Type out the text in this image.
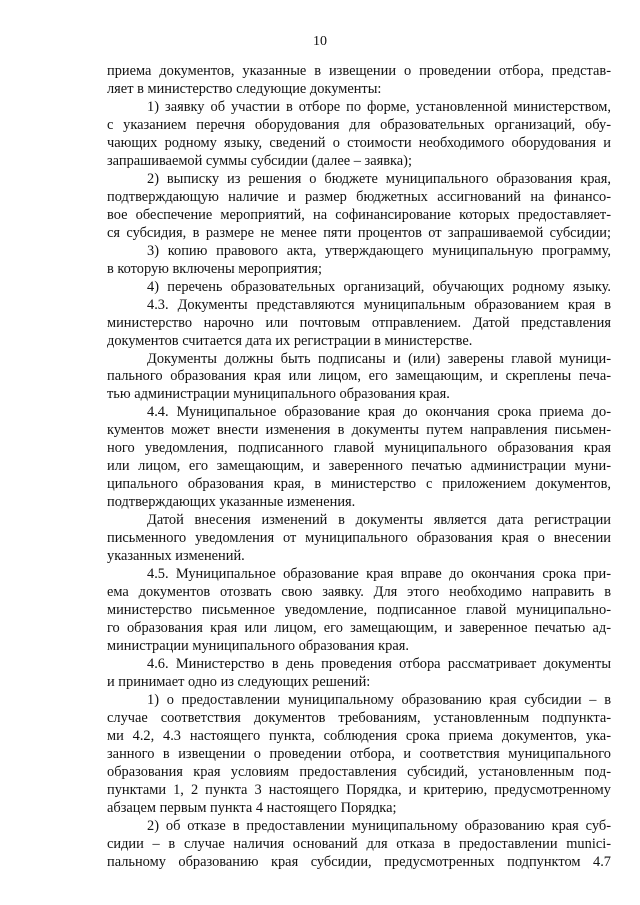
10
приема документов, указанные в извещении о проведении отбора, представ-
ляет в министерство следующие документы:
1) заявку об участии в отборе по форме, установленной министерством,
с указанием перечня оборудования для образовательных организаций, обу-
чающих родному языку, сведений о стоимости необходимого оборудования и
запрашиваемой суммы субсидии (далее – заявка);
2) выписку из решения о бюджете муниципального образования края,
подтверждающую наличие и размер бюджетных ассигнований на финансо-
вое обеспечение мероприятий, на софинансирование которых предоставляет-
ся субсидия, в размере не менее пяти процентов от запрашиваемой субсидии;
3) копию правового акта, утверждающего муниципальную программу,
в которую включены мероприятия;
4) перечень образовательных организаций, обучающих родному языку.
4.3. Документы представляются муниципальным образованием края в
министерство нарочно или почтовым отправлением. Датой представления
документов считается дата их регистрации в министерстве.
Документы должны быть подписаны и (или) заверены главой муници-
пального образования края или лицом, его замещающим, и скреплены печа-
тью администрации муниципального образования края.
4.4. Муниципальное образование края до окончания срока приема до-
кументов может внести изменения в документы путем направления письмен-
ного уведомления, подписанного главой муниципального образования края
или лицом, его замещающим, и заверенного печатью администрации муни-
ципального образования края, в министерство с приложением документов,
подтверждающих указанные изменения.
Датой внесения изменений в документы является дата регистрации
письменного уведомления от муниципального образования края о внесении
указанных изменений.
4.5. Муниципальное образование края вправе до окончания срока при-
ема документов отозвать свою заявку. Для этого необходимо направить в
министерство письменное уведомление, подписанное главой муниципально-
го образования края или лицом, его замещающим, и заверенное печатью ад-
министрации муниципального образования края.
4.6. Министерство в день проведения отбора рассматривает документы
и принимает одно из следующих решений:
1) о предоставлении муниципальному образованию края субсидии – в
случае соответствия документов требованиям, установленным подпункта-
ми 4.2, 4.3 настоящего пункта, соблюдения срока приема документов, ука-
занного в извещении о проведении отбора, и соответствия муниципального
образования края условиям предоставления субсидий, установленным под-
пунктами 1, 2 пункта 3 настоящего Порядка, и критерию, предусмотренному
абзацем первым пункта 4 настоящего Порядка;
2) об отказе в предоставлении муниципальному образованию края суб-
сидии – в случае наличия оснований для отказа в предоставлении munici-
пальному образованию края субсидии, предусмотренных подпунктом 4.7
